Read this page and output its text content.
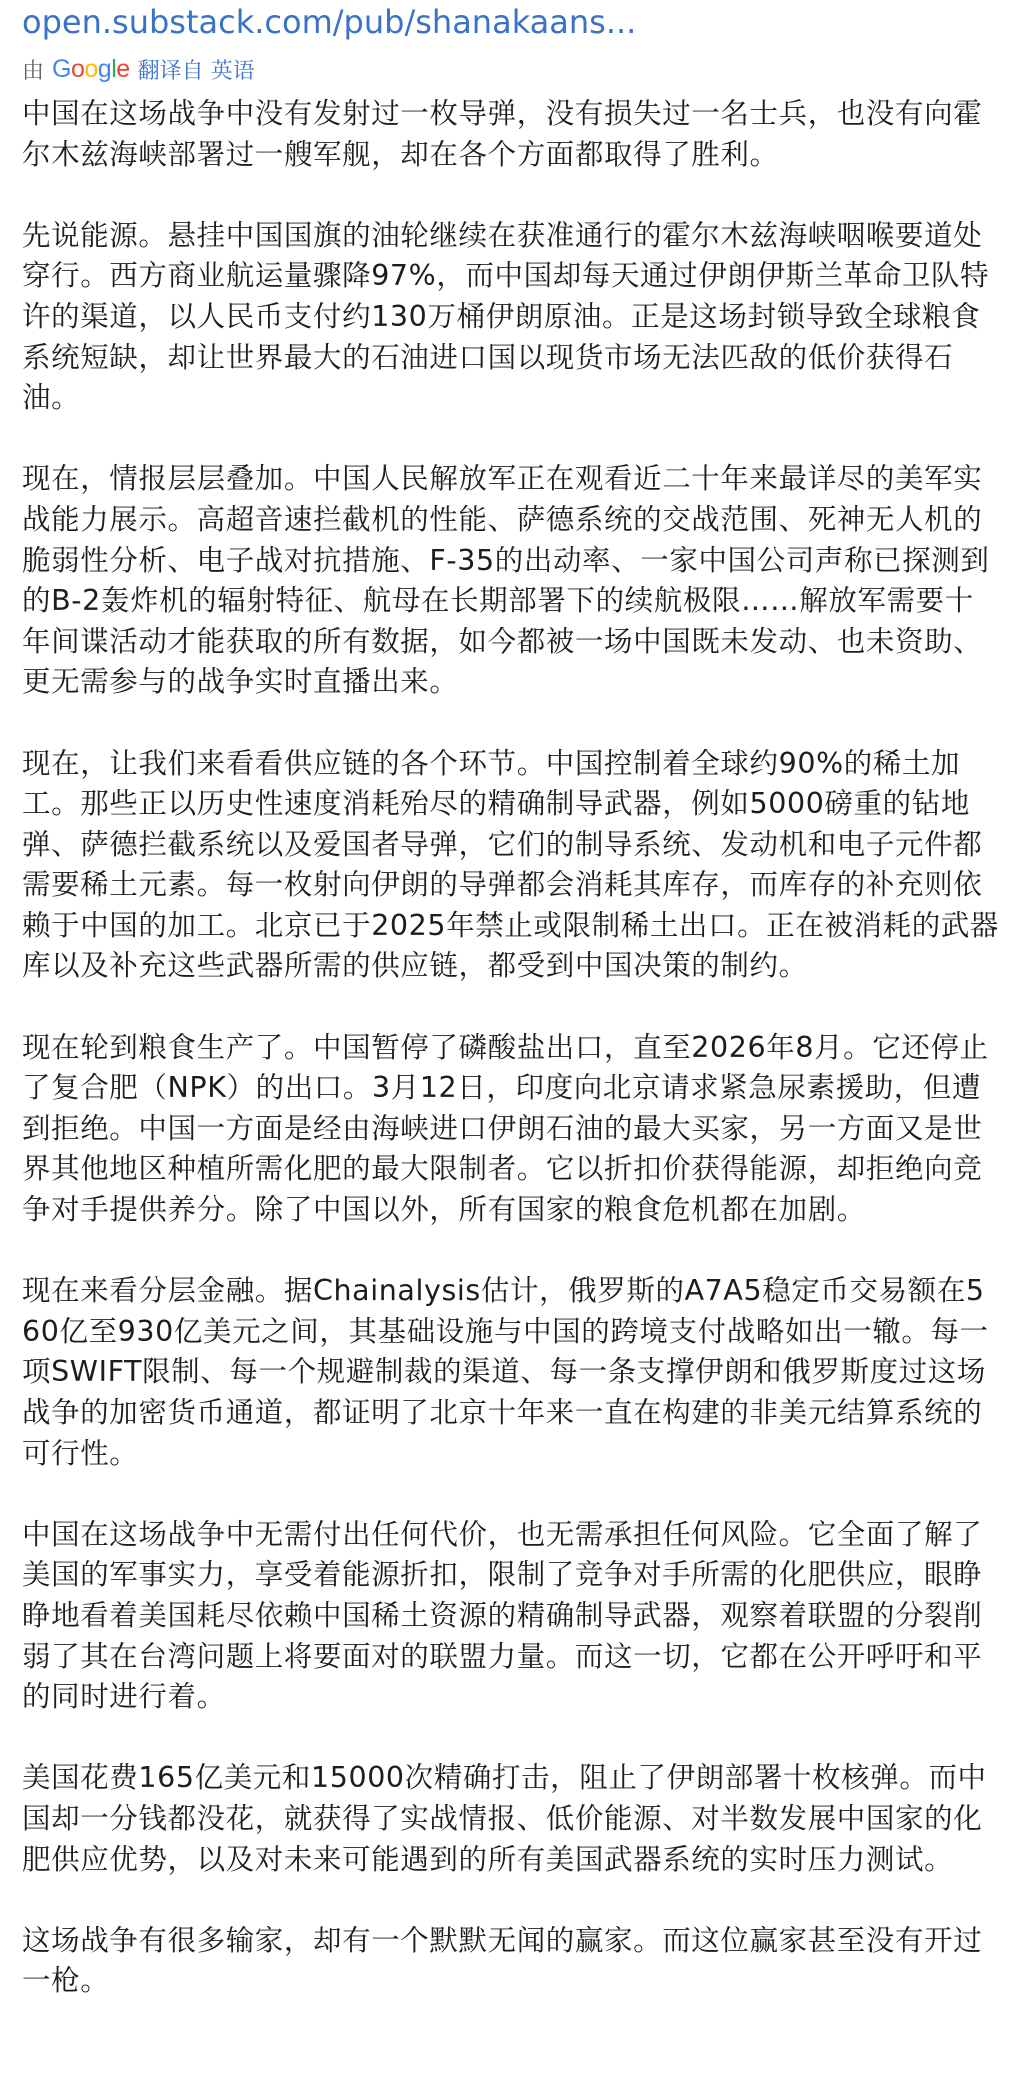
open.substack.com/pub/shanakaans...
由 Google 翻译自 英语

中国在这场战争中没有发射过一枚导弹，没有损失过一名士兵，也没有向霍尔木兹海峡部署过一艘军舰，却在各个方面都取得了胜利。

先说能源。悬挂中国国旗的油轮继续在获准通行的霍尔木兹海峡咽喉要道处穿行。西方商业航运量骤降97%，而中国却每天通过伊朗伊斯兰革命卫队特许的渠道，以人民币支付约130万桶伊朗原油。正是这场封锁导致全球粮食系统短缺，却让世界最大的石油进口国以现货市场无法匹敌的低价获得石油。

现在，情报层层叠加。中国人民解放军正在观看近二十年来最详尽的美军实战能力展示。高超音速拦截机的性能、萨德系统的交战范围、死神无人机的脆弱性分析、电子战对抗措施、F-35的出动率、一家中国公司声称已探测到的B-2轰炸机的辐射特征、航母在长期部署下的续航极限……解放军需要十年间谍活动才能获取的所有数据，如今都被一场中国既未发动、也未资助、更无需参与的战争实时直播出来。

现在，让我们来看看供应链的各个环节。中国控制着全球约90%的稀土加工。那些正以历史性速度消耗殆尽的精确制导武器，例如5000磅重的钻地弹、萨德拦截系统以及爱国者导弹，它们的制导系统、发动机和电子元件都需要稀土元素。每一枚射向伊朗的导弹都会消耗其库存，而库存的补充则依赖于中国的加工。北京已于2025年禁止或限制稀土出口。正在被消耗的武器库以及补充这些武器所需的供应链，都受到中国决策的制约。

现在轮到粮食生产了。中国暂停了磷酸盐出口，直至2026年8月。它还停止了复合肥（NPK）的出口。3月12日，印度向北京请求紧急尿素援助，但遭到拒绝。中国一方面是经由海峡进口伊朗石油的最大买家，另一方面又是世界其他地区种植所需化肥的最大限制者。它以折扣价获得能源，却拒绝向竞争对手提供养分。除了中国以外，所有国家的粮食危机都在加剧。

现在来看分层金融。据Chainalysis估计，俄罗斯的A7A5稳定币交易额在560亿至930亿美元之间，其基础设施与中国的跨境支付战略如出一辙。每一项SWIFT限制、每一个规避制裁的渠道、每一条支撑伊朗和俄罗斯度过这场战争的加密货币通道，都证明了北京十年来一直在构建的非美元结算系统的可行性。

中国在这场战争中无需付出任何代价，也无需承担任何风险。它全面了解了美国的军事实力，享受着能源折扣，限制了竞争对手所需的化肥供应，眼睁睁地看着美国耗尽依赖中国稀土资源的精确制导武器，观察着联盟的分裂削弱了其在台湾问题上将要面对的联盟力量。而这一切，它都在公开呼吁和平的同时进行着。

美国花费165亿美元和15000次精确打击，阻止了伊朗部署十枚核弹。而中国却一分钱都没花，就获得了实战情报、低价能源、对半数发展中国家的化肥供应优势，以及对未来可能遇到的所有美国武器系统的实时压力测试。

这场战争有很多输家，却有一个默默无闻的赢家。而这位赢家甚至没有开过一枪。
